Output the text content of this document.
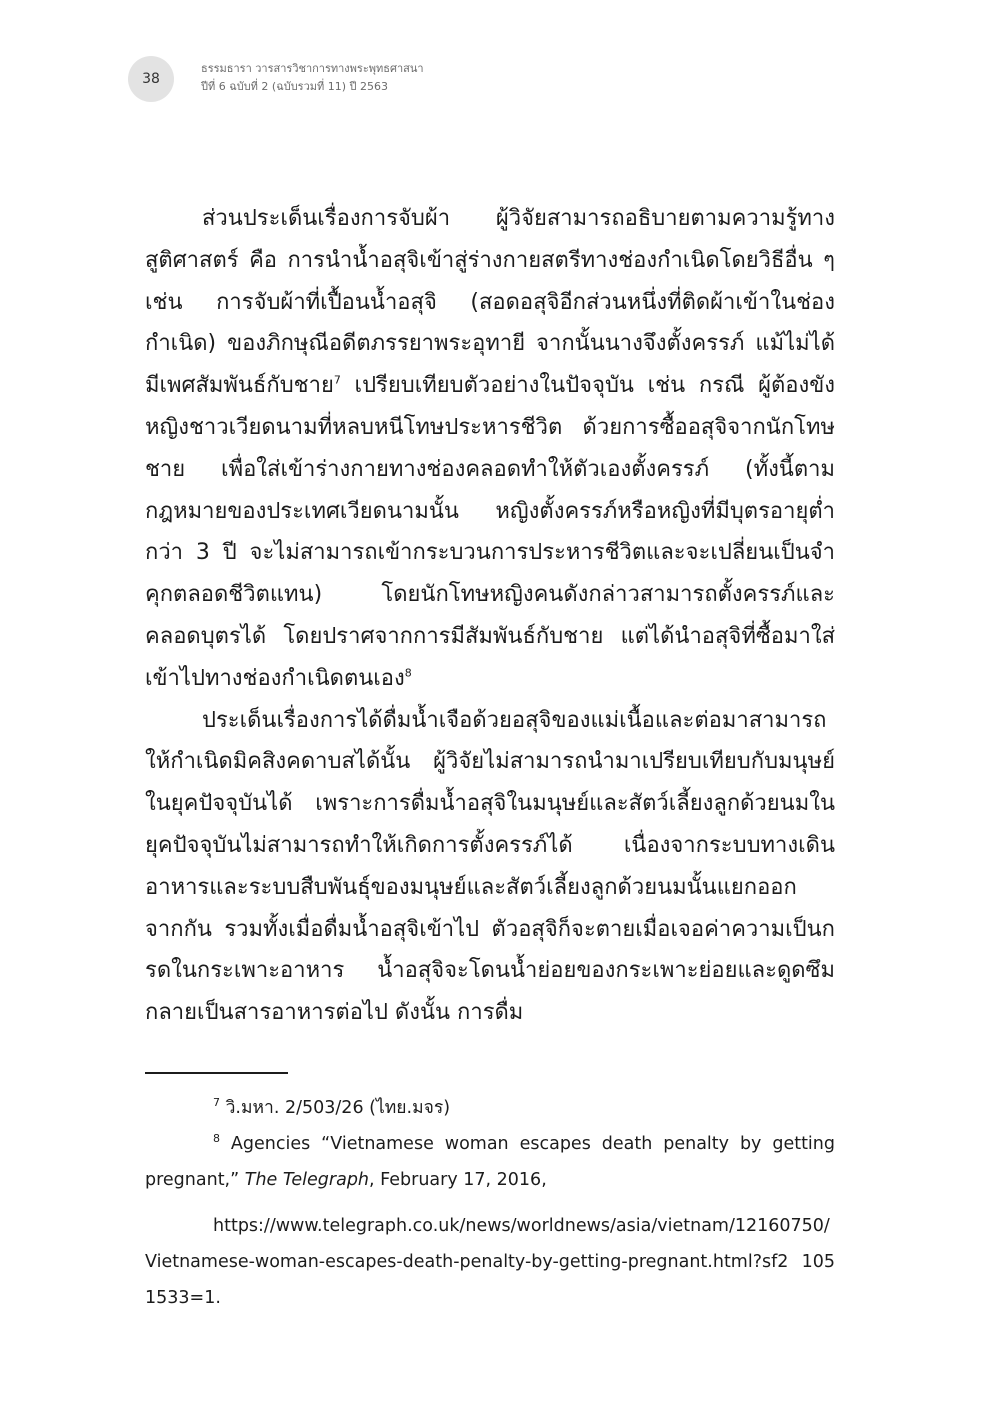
38
ธรรมธารา วารสารวิชาการทางพระพุทธศาสนา
ปีที่ 6 ฉบับที่ 2 (ฉบับรวมที่ 11) ปี 2563

ส่วนประเด็นเรื่องการจับผ้า ผู้วิจัยสามารถอธิบายตามความรู้ทางสูติศาสตร์ คือ การนำน้ำอสุจิเข้าสู่ร่างกายสตรีทางช่องกำเนิดโดยวิธีอื่น ๆ เช่น การจับผ้าที่เปื้อนน้ำอสุจิ (สอดอสุจิอีกส่วนหนึ่งที่ติดผ้าเข้าในช่องกำเนิด) ของภิกษุณีอดีตภรรยาพระอุทายี จากนั้นนางจึงตั้งครรภ์ แม้ไม่ได้มีเพศสัมพันธ์กับชาย$^7$ เปรียบเทียบตัวอย่างในปัจจุบัน เช่น กรณี ผู้ต้องขังหญิงชาวเวียดนามที่หลบหนีโทษประหารชีวิต ด้วยการซื้ออสุจิจากนักโทษชาย เพื่อใส่เข้าร่างกายทางช่องคลอดทำให้ตัวเองตั้งครรภ์ (ทั้งนี้ตามกฎหมายของประเทศเวียดนามนั้น หญิงตั้งครรภ์หรือหญิงที่มีบุตรอายุต่ำกว่า 3 ปี จะไม่สามารถเข้ากระบวนการประหารชีวิตและจะเปลี่ยนเป็นจำคุกตลอดชีวิตแทน) โดยนักโทษหญิงคนดังกล่าวสามารถตั้งครรภ์และคลอดบุตรได้ โดยปราศจากการมีสัมพันธ์กับชาย แต่ได้นำอสุจิที่ซื้อมาใส่เข้าไปทางช่องกำเนิดตนเอง$^8$

ประเด็นเรื่องการได้ดื่มน้ำเจือด้วยอสุจิของแม่เนื้อและต่อมาสามารถให้กำเนิดมิคสิงคดาบสได้นั้น ผู้วิจัยไม่สามารถนำมาเปรียบเทียบกับมนุษย์ในยุคปัจจุบันได้ เพราะการดื่มน้ำอสุจิในมนุษย์และสัตว์เลี้ยงลูกด้วยนมในยุคปัจจุบันไม่สามารถทำให้เกิดการตั้งครรภ์ได้ เนื่องจากระบบทางเดินอาหารและระบบสืบพันธุ์ของมนุษย์และสัตว์เลี้ยงลูกด้วยนมนั้นแยกออกจากกัน รวมทั้งเมื่อดื่มน้ำอสุจิเข้าไป ตัวอสุจิก็จะตายเมื่อเจอค่าความเป็นกรดในกระเพาะอาหาร น้ำอสุจิจะโดนน้ำย่อยของกระเพาะย่อยและดูดซึมกลายเป็นสารอาหารต่อไป ดังนั้น การดื่ม

$^7$ วิ.มหา. 2/503/26 (ไทย.มจร)

$^8$ Agencies “Vietnamese woman escapes death penalty by getting pregnant,” The Telegraph, February 17, 2016,

https://www.telegraph.co.uk/news/worldnews/asia/vietnam/12160750/Vietnamese-woman-escapes-death-penalty-by-getting-pregnant.html?sf2 1051533=1.
